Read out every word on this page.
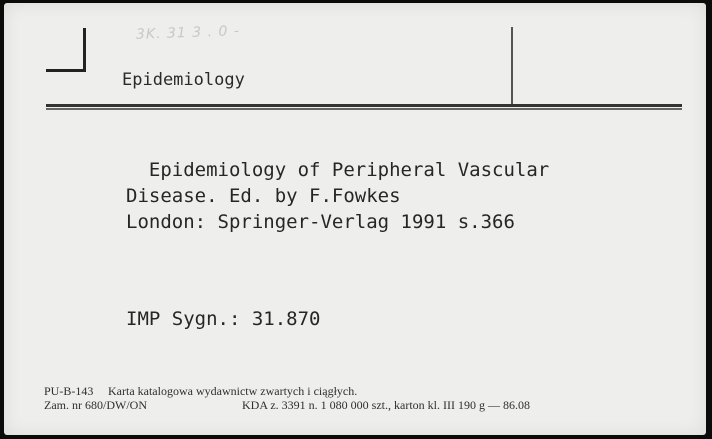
3K. 31 3 . 0 -
Epidemiology
Epidemiology of Peripheral Vascular
Disease. Ed. by F.Fowkes
London: Springer-Verlag 1991 s.366
IMP Sygn.: 31.870
PU-B-143 Karta katalogowa wydawnictw zwartych i ciągłych.
Zam. nr 680/DW/ON	KDA z. 3391 n. 1 080 000 szt., karton kl. III 190 g — 86.08
